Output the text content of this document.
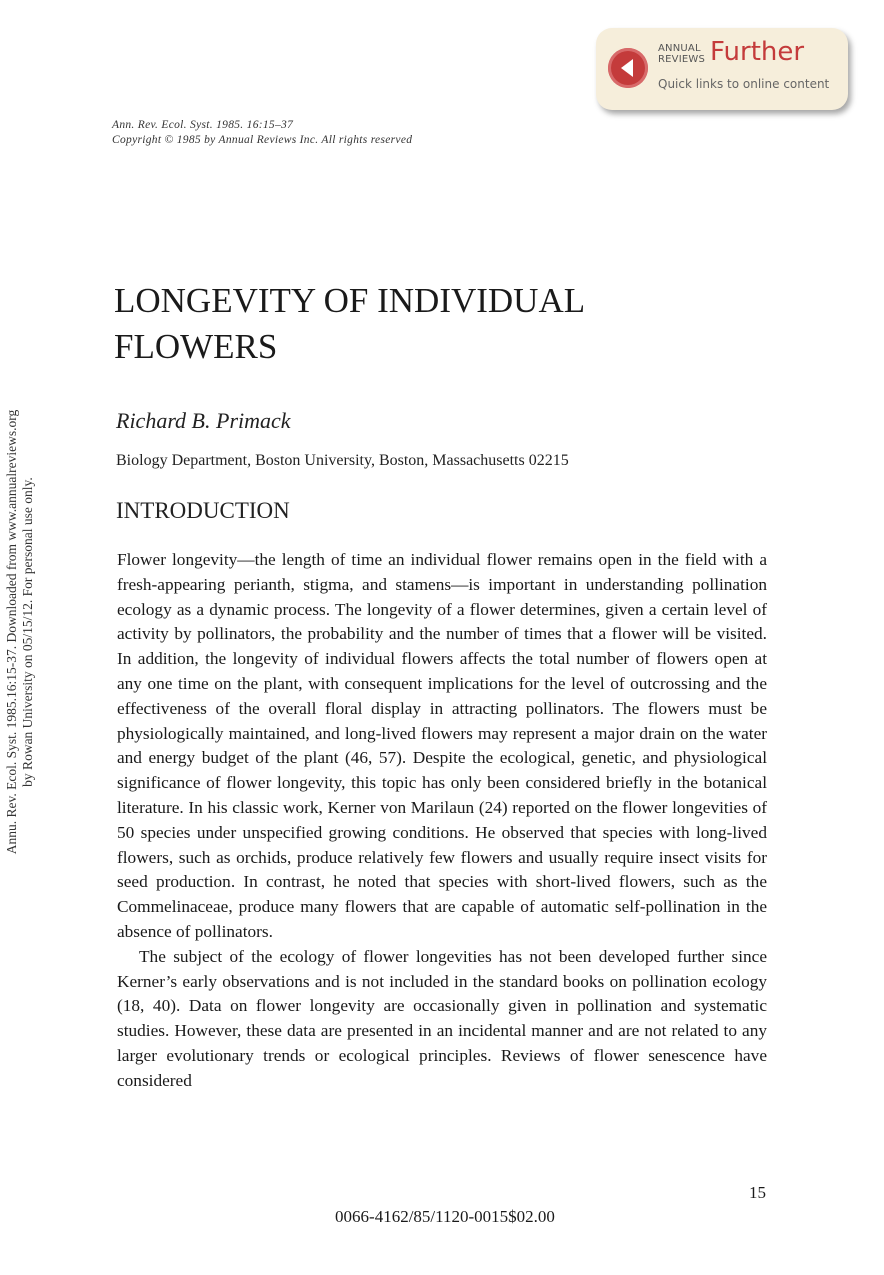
ANNUAL
REVIEWS Further
Quick links to online content
Ann. Rev. Ecol. Syst. 1985. 16:15–37
Copyright © 1985 by Annual Reviews Inc. All rights reserved
Annu. Rev. Ecol. Syst. 1985.16:15-37. Downloaded from www.annualreviews.org by Rowan University on 05/15/12. For personal use only.
LONGEVITY OF INDIVIDUAL
FLOWERS
Richard B. Primack
Biology Department, Boston University, Boston, Massachusetts 02215
INTRODUCTION

Flower longevity—the length of time an individual flower remains open in the field with a fresh-appearing perianth, stigma, and stamens—is important in understanding pollination ecology as a dynamic process. The longevity of a flower determines, given a certain level of activity by pollinators, the probability and the number of times that a flower will be visited. In addition, the longevity of individual flowers affects the total number of flowers open at any one time on the plant, with consequent implications for the level of outcrossing and the effectiveness of the overall floral display in attracting pollinators. The flowers must be physiologically maintained, and long-lived flowers may represent a major drain on the water and energy budget of the plant (46, 57). Despite the ecological, genetic, and physiological significance of flower longevity, this topic has only been considered briefly in the botanical literature. In his classic work, Kerner von Marilaun (24) reported on the flower longevities of 50 species under unspecified growing conditions. He observed that species with long-lived flowers, such as orchids, produce relatively few flowers and usually require insect visits for seed production. In contrast, he noted that species with short-lived flowers, such as the Commelinaceae, produce many flowers that are capable of automatic self-pollination in the absence of pollinators.

The subject of the ecology of flower longevities has not been developed further since Kerner’s early observations and is not included in the standard books on pollination ecology (18, 40). Data on flower longevity are occasionally given in pollination and systematic studies. However, these data are presented in an incidental manner and are not related to any larger evolutionary trends or ecological principles. Reviews of flower senescence have considered

15
0066-4162/85/1120-0015$02.00
